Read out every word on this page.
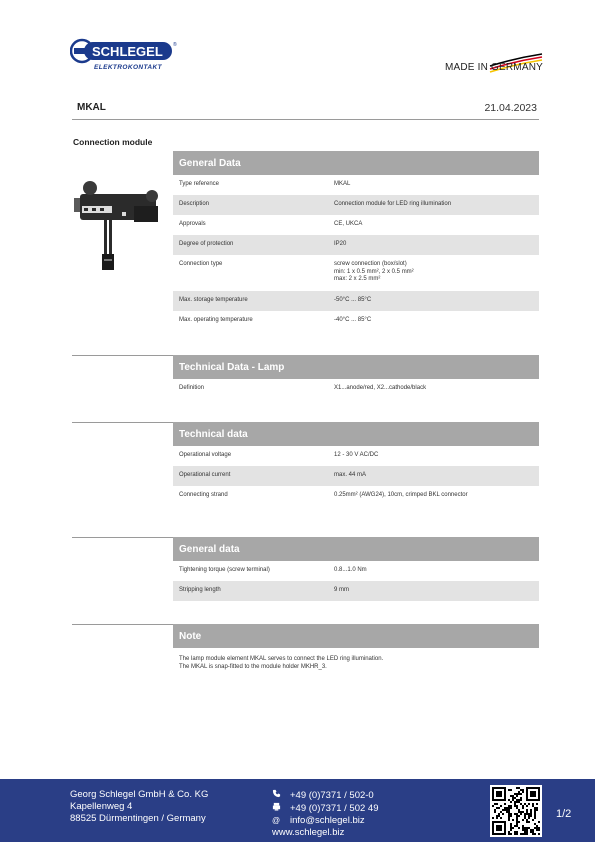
SCHLEGEL ®
ELEKTROKONTAKT	MADE IN GERMANY
MKAL	21.04.2023
Connection module
General Data
Type reference	MKAL
Description	Connection module for LED ring illumination
Approvals	CE, UKCA
Degree of protection	IP20
Connection type	screw connection (box/slot)
min: 1 x 0.5 mm², 2 x 0.5 mm²
max: 2 x 2.5 mm²
Max. storage temperature	-50°C ... 85°C
Max. operating temperature	-40°C ... 85°C
Technical Data - Lamp
Definition	X1...anode/red, X2...cathode/black
Technical data
Operational voltage	12 - 30 V AC/DC
Operational current	max. 44 mA
Connecting strand	0.25mm² (AWG24), 10cm, crimped BKL connector
General data
Tightening torque (screw terminal)	0.8...1.0 Nm
Stripping length	9 mm
Note
The lamp module element MKAL serves to connect the LED ring illumination.
The MKAL is snap-fitted to the module holder MKHR_3.
Georg Schlegel GmbH & Co. KG
Kapellenweg 4
88525 Dürmentingen / Germany
+49 (0)7371 / 502-0
+49 (0)7371 / 502 49
@	info@schlegel.biz
www.schlegel.biz
1/2
